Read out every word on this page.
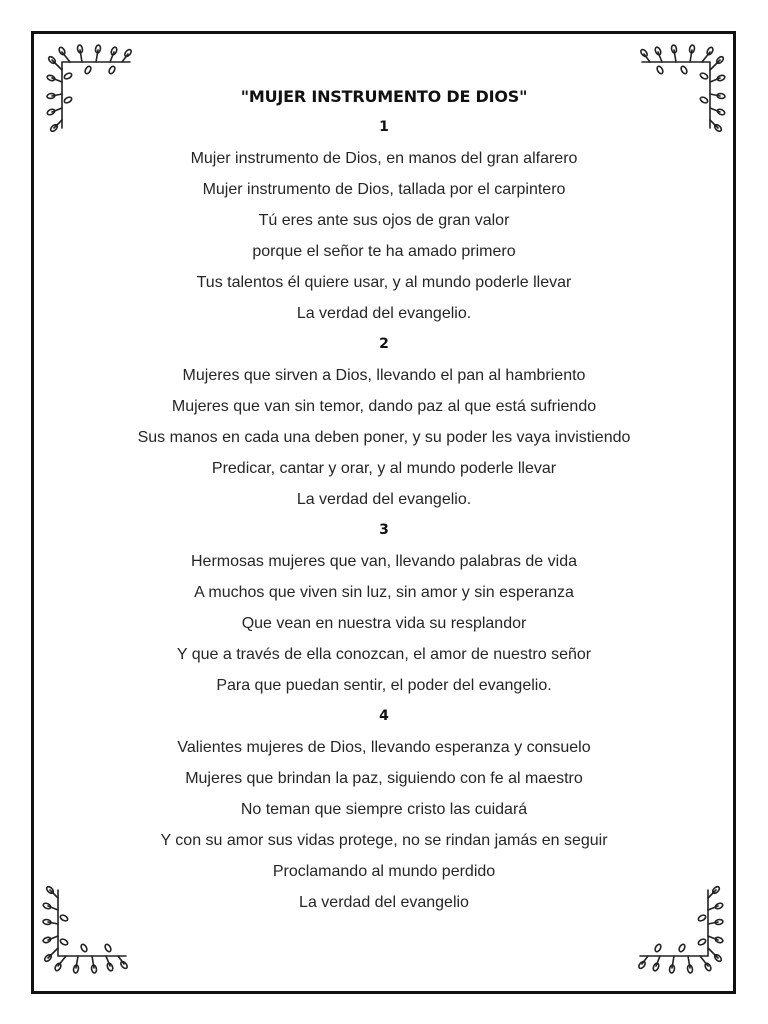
"MUJER INSTRUMENTO DE DIOS"
1
Mujer instrumento de Dios, en manos del gran alfarero
Mujer instrumento de Dios, tallada por el carpintero
Tú eres ante sus ojos de gran valor
porque el señor te ha amado primero
Tus talentos él quiere usar, y al mundo poderle llevar
La verdad del evangelio.
2
Mujeres que sirven a Dios, llevando el pan al hambriento
Mujeres que van sin temor, dando paz al que está sufriendo
Sus manos en cada una deben poner, y su poder les vaya invistiendo
Predicar, cantar y orar, y al mundo poderle llevar
La verdad del evangelio.
3
Hermosas mujeres que van, llevando palabras de vida
A muchos que viven sin luz, sin amor y sin esperanza
Que vean en nuestra vida su resplandor
Y que a través de ella conozcan, el amor de nuestro señor
Para que puedan sentir, el poder del evangelio.
4
Valientes mujeres de Dios, llevando esperanza y consuelo
Mujeres que brindan la paz, siguiendo con fe al maestro
No teman que siempre cristo las cuidará
Y con su amor sus vidas protege, no se rindan jamás en seguir
Proclamando al mundo perdido
La verdad del evangelio
